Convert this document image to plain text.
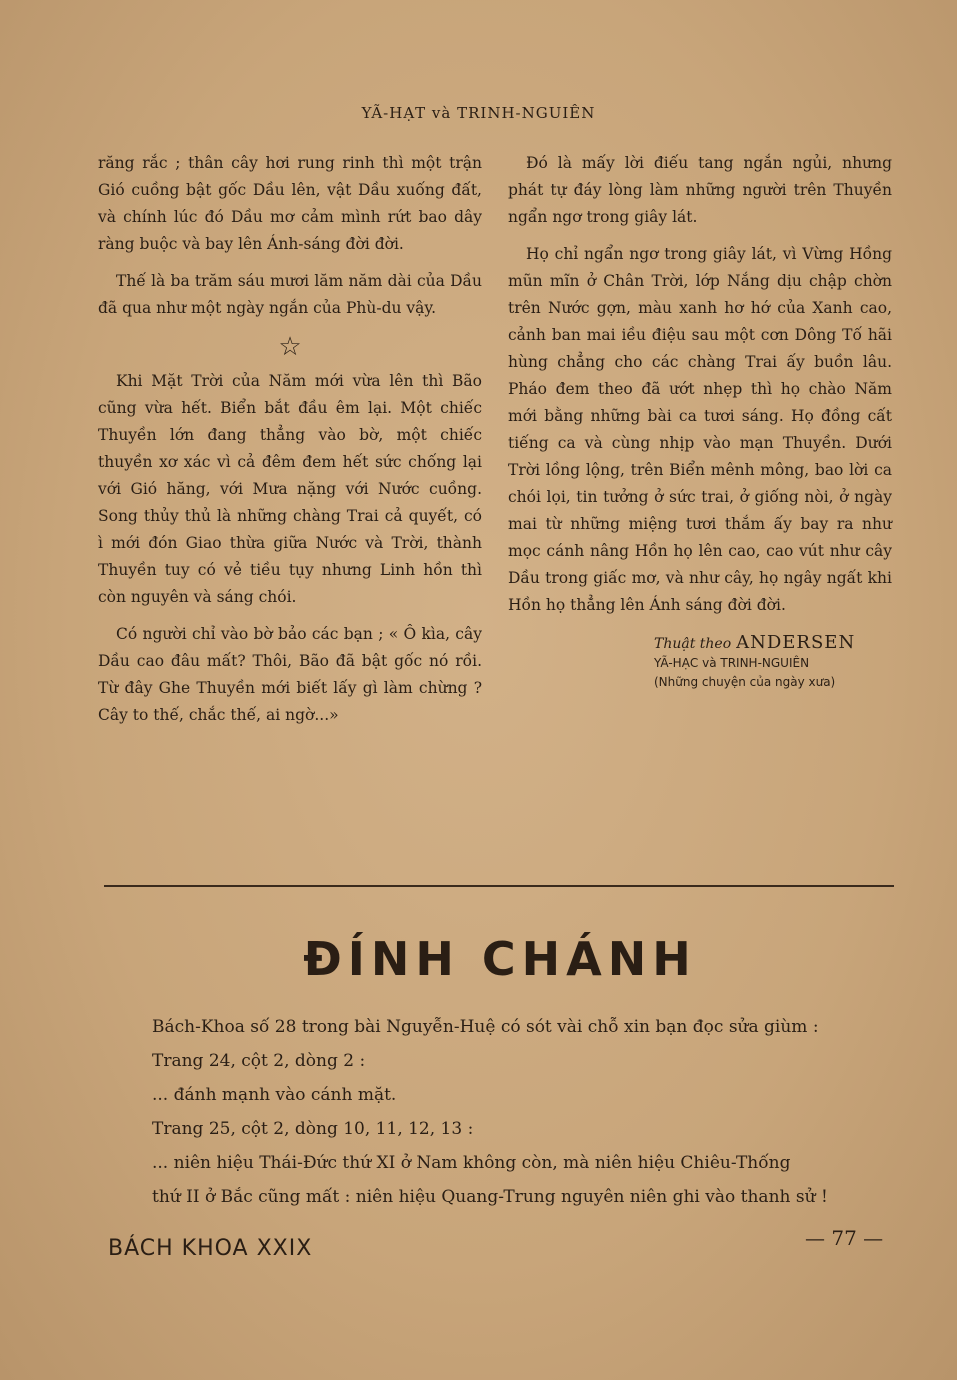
YÃ-HẠT và TRINH-NGUIÊN

răng rắc ; thân cây hơi rung rinh thì một trận Gió cuồng bật gốc Dầu lên, vật Dầu xuống đất, và chính lúc đó Dầu mơ cảm mình rứt bao dây ràng buộc và bay lên Ánh-sáng đời đời.

Thế là ba trăm sáu mươi lăm năm dài của Dầu đã qua như một ngày ngắn của Phù-du vậy.

☆

Khi Mặt Trời của Năm mới vừa lên thì Bão cũng vừa hết. Biển bắt đầu êm lại. Một chiếc Thuyền lớn đang thẳng vào bờ, một chiếc thuyền xơ xác vì cả đêm đem hết sức chống lại với Gió hăng, với Mưa nặng với Nước cuồng. Song thủy thủ là những chàng Trai cả quyết, có ì mới đón Giao thừa giữa Nước và Trời, thành Thuyền tuy có vẻ tiều tụy nhưng Linh hồn thì còn nguyên và sáng chói.

Có người chỉ vào bờ bảo các bạn ; « Ô kìa, cây Dầu cao đâu mất? Thôi, Bão đã bật gốc nó rồi. Từ đây Ghe Thuyền mới biết lấy gì làm chừng ? Cây to thế, chắc thế, ai ngờ...»

Đó là mấy lời điếu tang ngắn ngủi, nhưng phát tự đáy lòng làm những người trên Thuyền ngẩn ngơ trong giây lát.

Họ chỉ ngẩn ngơ trong giây lát, vì Vừng Hồng mũn mĩn ở Chân Trời, lớp Nắng dịu chập chờn trên Nước gợn, màu xanh hơ hớ của Xanh cao, cảnh ban mai iều điệu sau một cơn Dông Tố hãi hùng chẳng cho các chàng Trai ấy buồn lâu. Pháo đem theo đã ướt nhẹp thì họ chào Năm mới bằng những bài ca tươi sáng. Họ đồng cất tiếng ca và cùng nhịp vào mạn Thuyền. Dưới Trời lồng lộng, trên Biển mênh mông, bao lời ca chói lọi, tin tưởng ở sức trai, ở giống nòi, ở ngày mai từ những miệng tươi thắm ấy bay ra như mọc cánh nâng Hồn họ lên cao, cao vút như cây Dầu trong giấc mơ, và như cây, họ ngây ngất khi Hồn họ thẳng lên Ánh sáng đời đời.

Thuật theo ANDERSEN
YÃ-HẠC và TRINH-NGUIÊN
(Những chuyện của ngày xưa)
ĐÍNH CHÁNH
Bách-Khoa số 28 trong bài Nguyễn-Huệ có sót vài chỗ xin bạn đọc sửa giùm :
Trang 24, cột 2, dòng 2 :
... đánh mạnh vào cánh mặt.
Trang 25, cột 2, dòng 10, 11, 12, 13 :
... niên hiệu Thái-Đức thứ XI ở Nam không còn, mà niên hiệu Chiêu-Thống
thứ II ở Bắc cũng mất : niên hiệu Quang-Trung nguyên niên ghi vào thanh sử !
BÁCH KHOA XXIX	— 77 —
